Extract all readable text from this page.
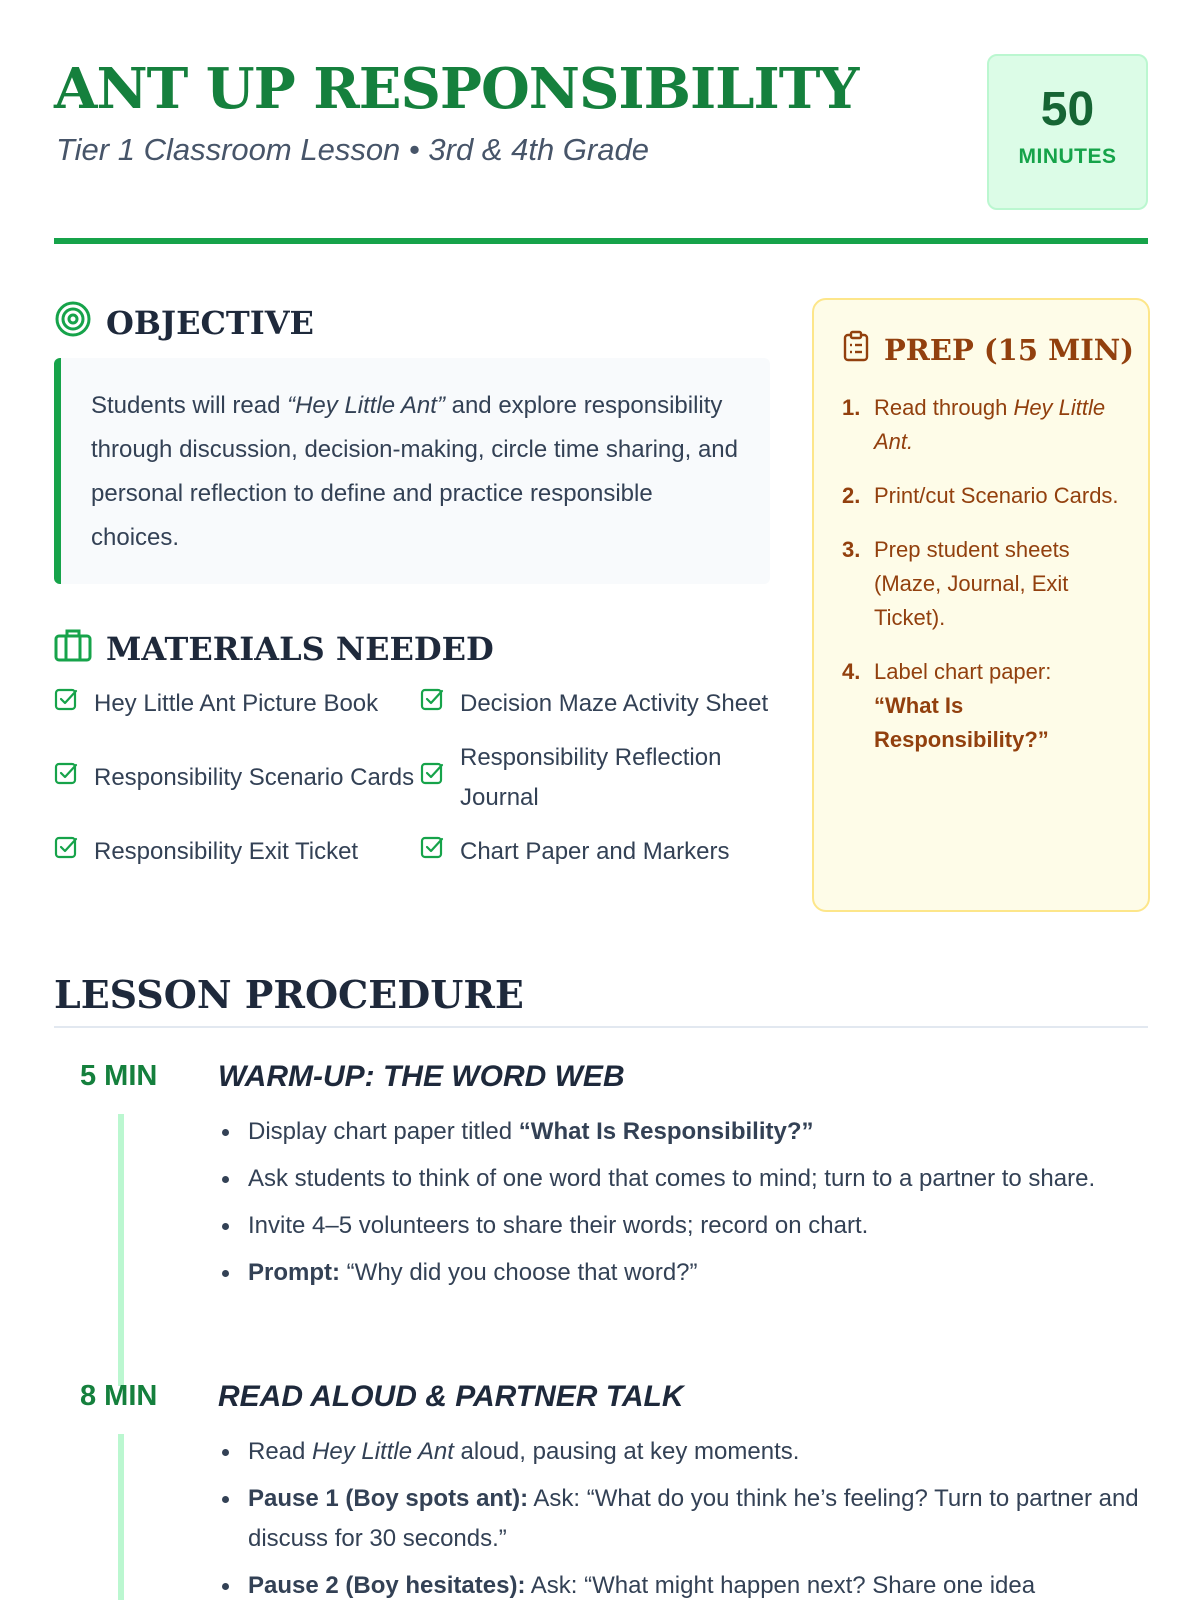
ANT UP RESPONSIBILITY
Tier 1 Classroom Lesson • 3rd & 4th Grade
50
MINUTES
OBJECTIVE
Students will read “Hey Little Ant” and explore responsibility through discussion, decision-making, circle time sharing, and personal reflection to define and practice responsible choices.
MATERIALS NEEDED
Hey Little Ant Picture Book	Decision Maze Activity Sheet
Responsibility Scenario Cards
Responsibility Reflection Journal
Responsibility Exit Ticket	Chart Paper and Markers
PREP (15 MIN)
1. Read through Hey Little Ant.
2. Print/cut Scenario Cards.
3. Prep student sheets (Maze, Journal, Exit Ticket).
4. Label chart paper: “What Is Responsibility?”
LESSON PROCEDURE
5 MIN WARM-UP: THE WORD WEB
Display chart paper titled “What Is Responsibility?”
Ask students to think of one word that comes to mind; turn to a partner to share.
Invite 4–5 volunteers to share their words; record on chart.
Prompt: “Why did you choose that word?”
8 MIN READ ALOUD & PARTNER TALK
Read Hey Little Ant aloud, pausing at key moments.
Pause 1 (Boy spots ant): Ask: “What do you think he’s feeling? Turn to partner and discuss for 30 seconds.”
Pause 2 (Boy hesitates): Ask: “What might happen next? Share one idea
